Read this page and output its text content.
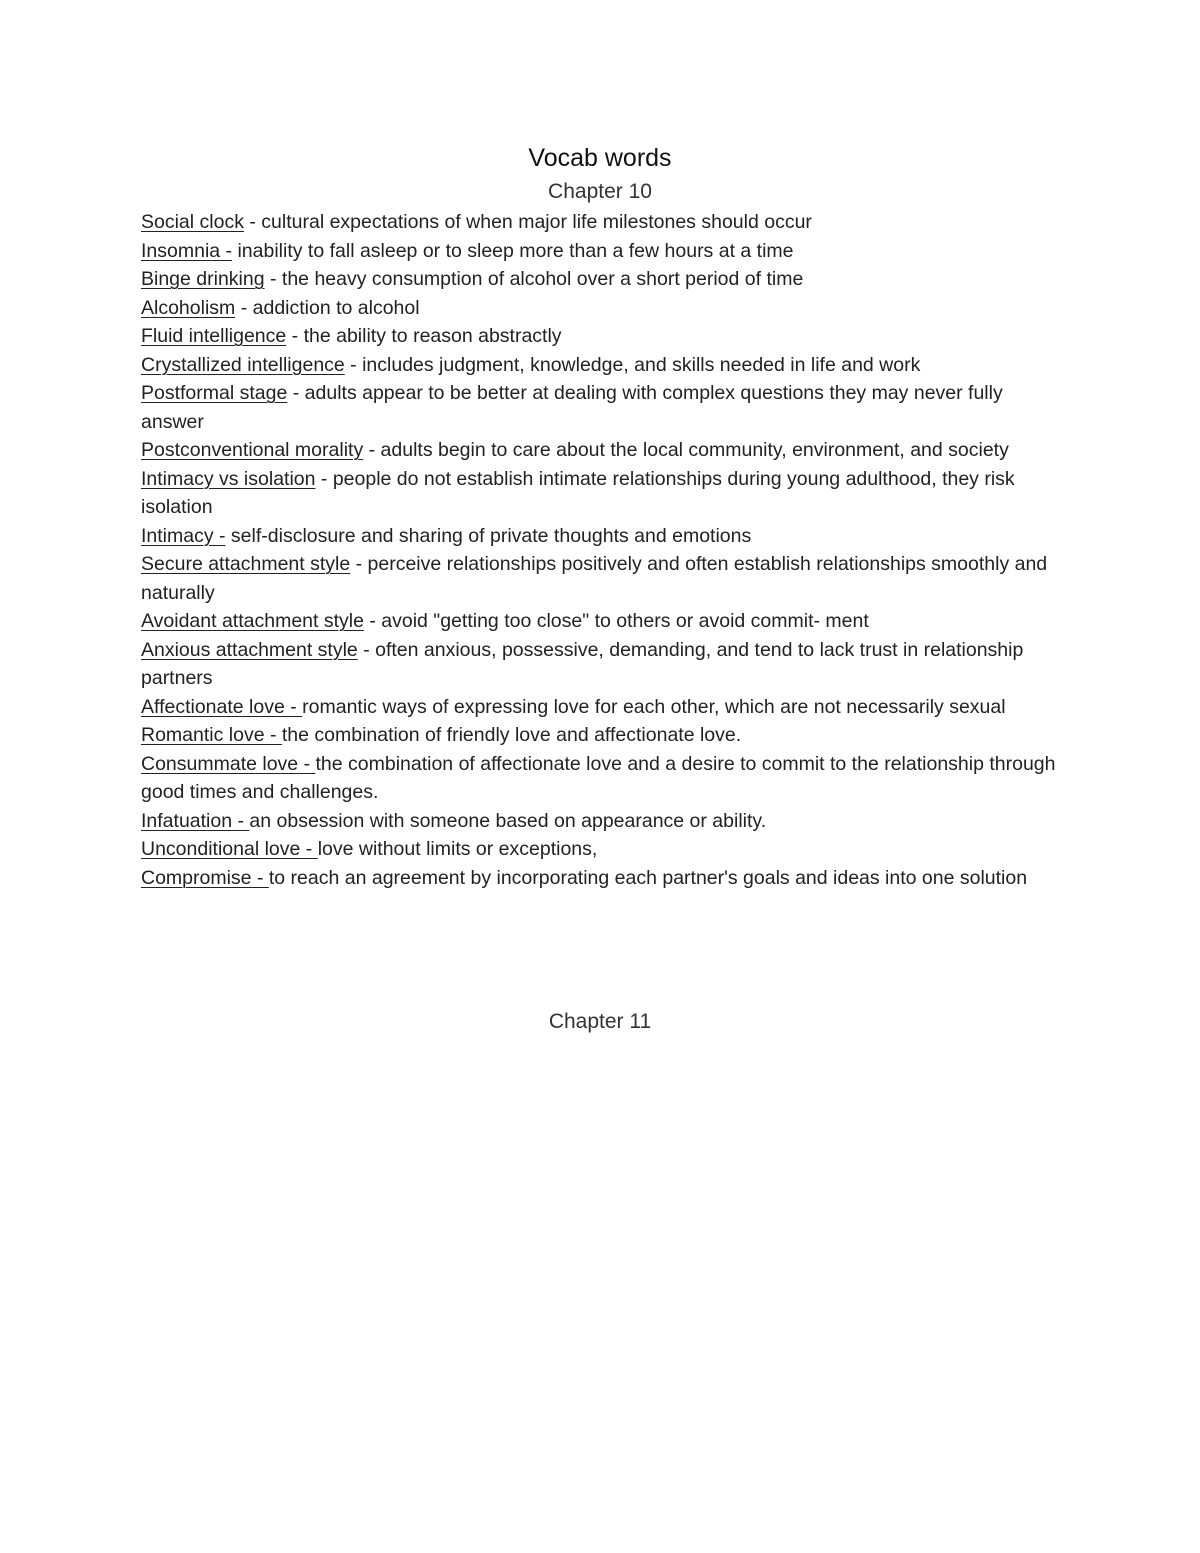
Vocab words
Chapter 10
Social clock - cultural expectations of when major life milestones should occur
Insomnia - inability to fall asleep or to sleep more than a few hours at a time
Binge drinking - the heavy consumption of alcohol over a short period of time
Alcoholism - addiction to alcohol
Fluid intelligence - the ability to reason abstractly
Crystallized intelligence - includes judgment, knowledge, and skills needed in life and work
Postformal stage - adults appear to be better at dealing with complex questions they may never fully answer
Postconventional morality - adults begin to care about the local community, environment, and society
Intimacy vs isolation - people do not establish intimate relationships during young adulthood, they risk isolation
Intimacy - self-disclosure and sharing of private thoughts and emotions
Secure attachment style - perceive relationships positively and often establish relationships smoothly and naturally
Avoidant attachment style - avoid "getting too close" to others or avoid commit- ment
Anxious attachment style - often anxious, possessive, demanding, and tend to lack trust in relationship partners
Affectionate love - romantic ways of expressing love for each other, which are not necessarily sexual
Romantic love - the combination of friendly love and affectionate love.
Consummate love - the combination of affectionate love and a desire to commit to the relationship through good times and challenges.
Infatuation - an obsession with someone based on appearance or ability.
Unconditional love - love without limits or exceptions,
Compromise - to reach an agreement by incorporating each partner's goals and ideas into one solution
Chapter 11
